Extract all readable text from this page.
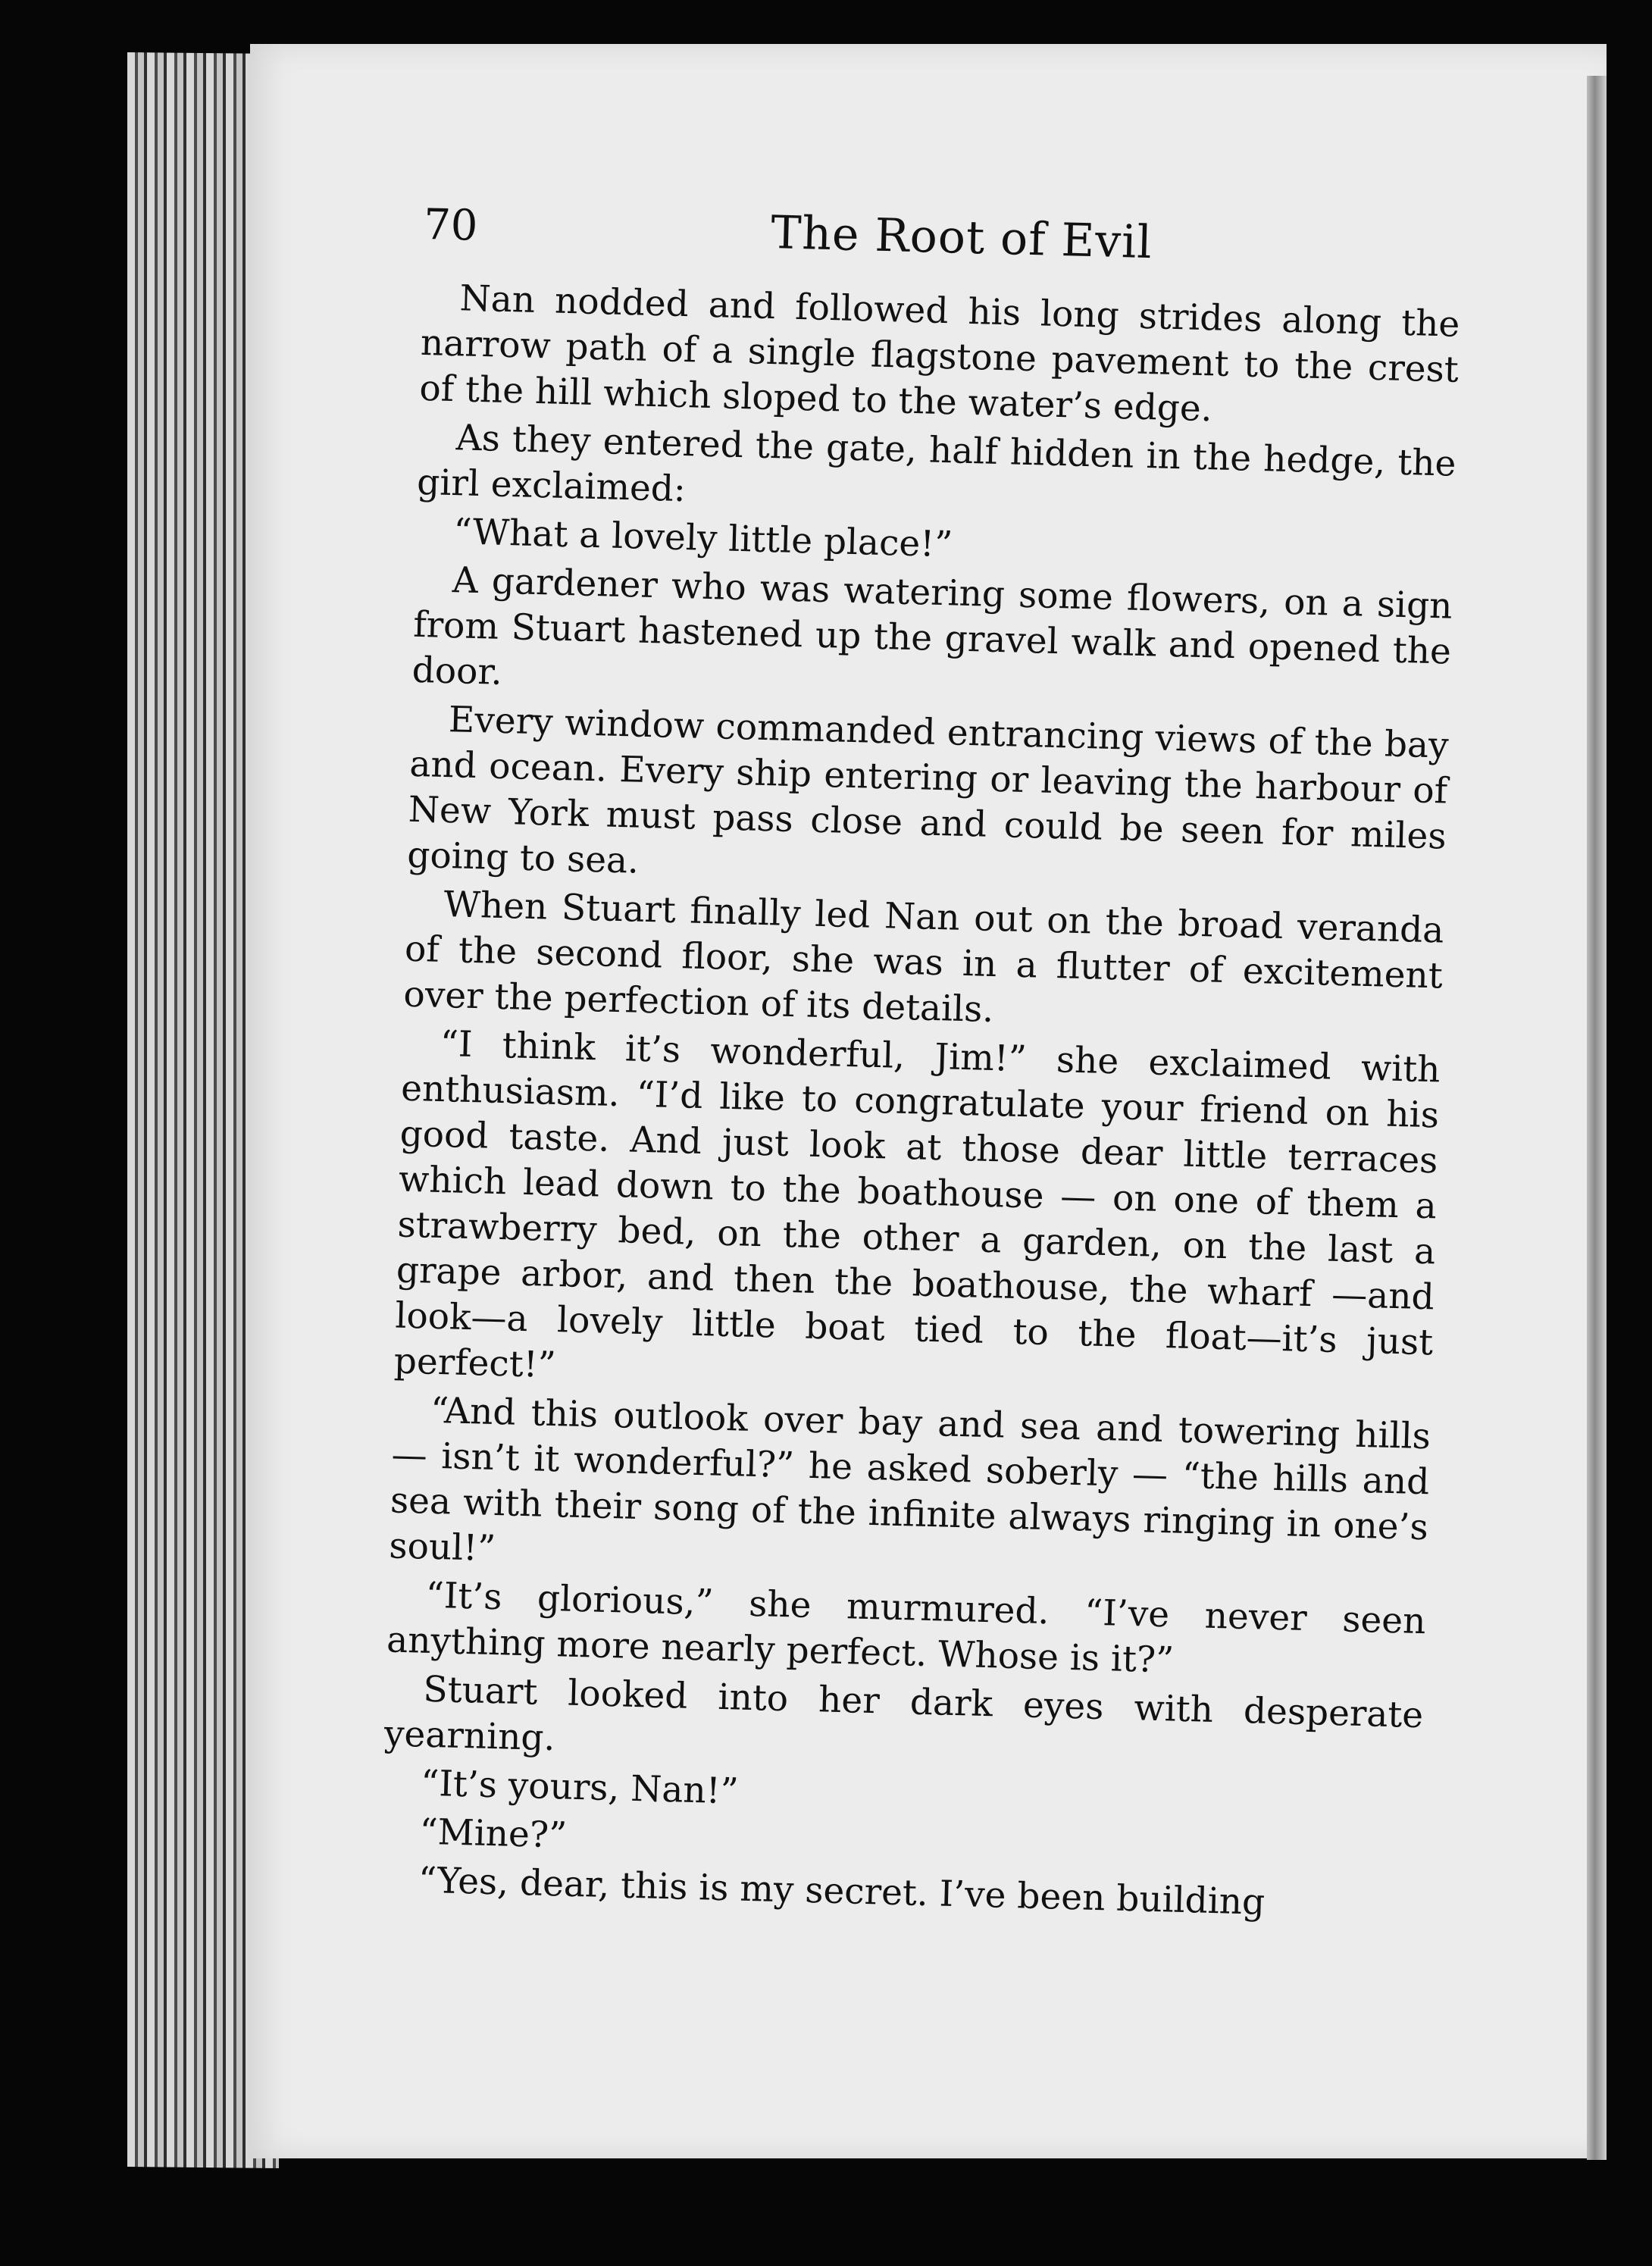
70	The Root of Evil

Nan nodded and followed his long strides along the narrow path of a single flagstone pavement to the crest of the hill which sloped to the water’s edge.

As they entered the gate, half hidden in the hedge, the girl exclaimed:

“What a lovely little place!”

A gardener who was watering some flowers, on a sign from Stuart hastened up the gravel walk and opened the door.

Every window commanded entrancing views of the bay and ocean. Every ship entering or leaving the harbour of New York must pass close and could be seen for miles going to sea.

When Stuart finally led Nan out on the broad veranda of the second floor, she was in a flutter of excitement over the perfection of its details.

“I think it’s wonderful, Jim!” she exclaimed with enthusiasm. “I’d like to congratulate your friend on his good taste. And just look at those dear little terraces which lead down to the boathouse — on one of them a strawberry bed, on the other a garden, on the last a grape arbor, and then the boathouse, the wharf —and look—a lovely little boat tied to the float—it’s just perfect!”

“And this outlook over bay and sea and towering hills — isn’t it wonderful?” he asked soberly — “the hills and sea with their song of the infinite always ringing in one’s soul!”

“It’s glorious,” she murmured. “I’ve never seen anything more nearly perfect. Whose is it?”

Stuart looked into her dark eyes with desperate yearning.

“It’s yours, Nan!”

“Mine?”

“Yes, dear, this is my secret. I’ve been building
